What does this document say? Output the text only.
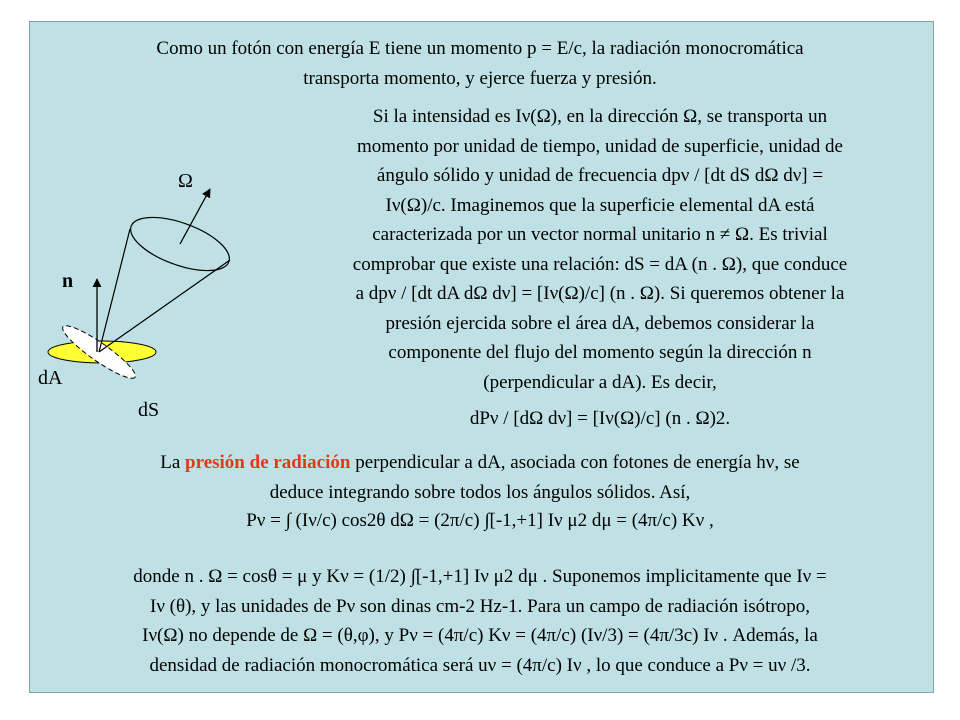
Como un fotón con energía E tiene un momento p = E/c, la radiación monocromática
transporta momento, y ejerce fuerza y presión.

Si la intensidad es Iν(Ω), en la dirección Ω, se transporta un
momento por unidad de tiempo, unidad de superficie, unidad de
ángulo sólido y unidad de frecuencia dpν / [dt dS dΩ dν] =
Iν(Ω)/c. Imaginemos que la superficie elemental dA está
caracterizada por un vector normal unitario n ≠ Ω. Es trivial
comprobar que existe una relación: dS = dA (n . Ω), que conduce
a dpν / [dt dA dΩ dν] = [Iν(Ω)/c] (n . Ω). Si queremos obtener la
presión ejercida sobre el área dA, debemos considerar la
componente del flujo del momento según la dirección n
(perpendicular a dA). Es decir,

dPν / [dΩ dν] = [Iν(Ω)/c] (n . Ω)2.

La presión de radiación perpendicular a dA, asociada con fotones de energía hν, se
deduce integrando sobre todos los ángulos sólidos. Así,

Pν = ∫ (Iν/c) cos2θ dΩ = (2π/c) ∫[-1,+1] Iν μ2 dμ = (4π/c) Kν ,

donde n . Ω = cosθ = μ y Kν = (1/2) ∫[-1,+1] Iν μ2 dμ . Suponemos implicitamente que Iν =
Iν (θ), y las unidades de Pν son dinas cm-2 Hz-1. Para un campo de radiación isótropo,
Iν(Ω) no depende de Ω = (θ,φ), y Pν = (4π/c) Kν = (4π/c) (Iν/3) = (4π/3c) Iν . Además, la
densidad de radiación monocromática será uν = (4π/c) Iν , lo que conduce a Pν = uν /3.

Ω
n
dA
dS
